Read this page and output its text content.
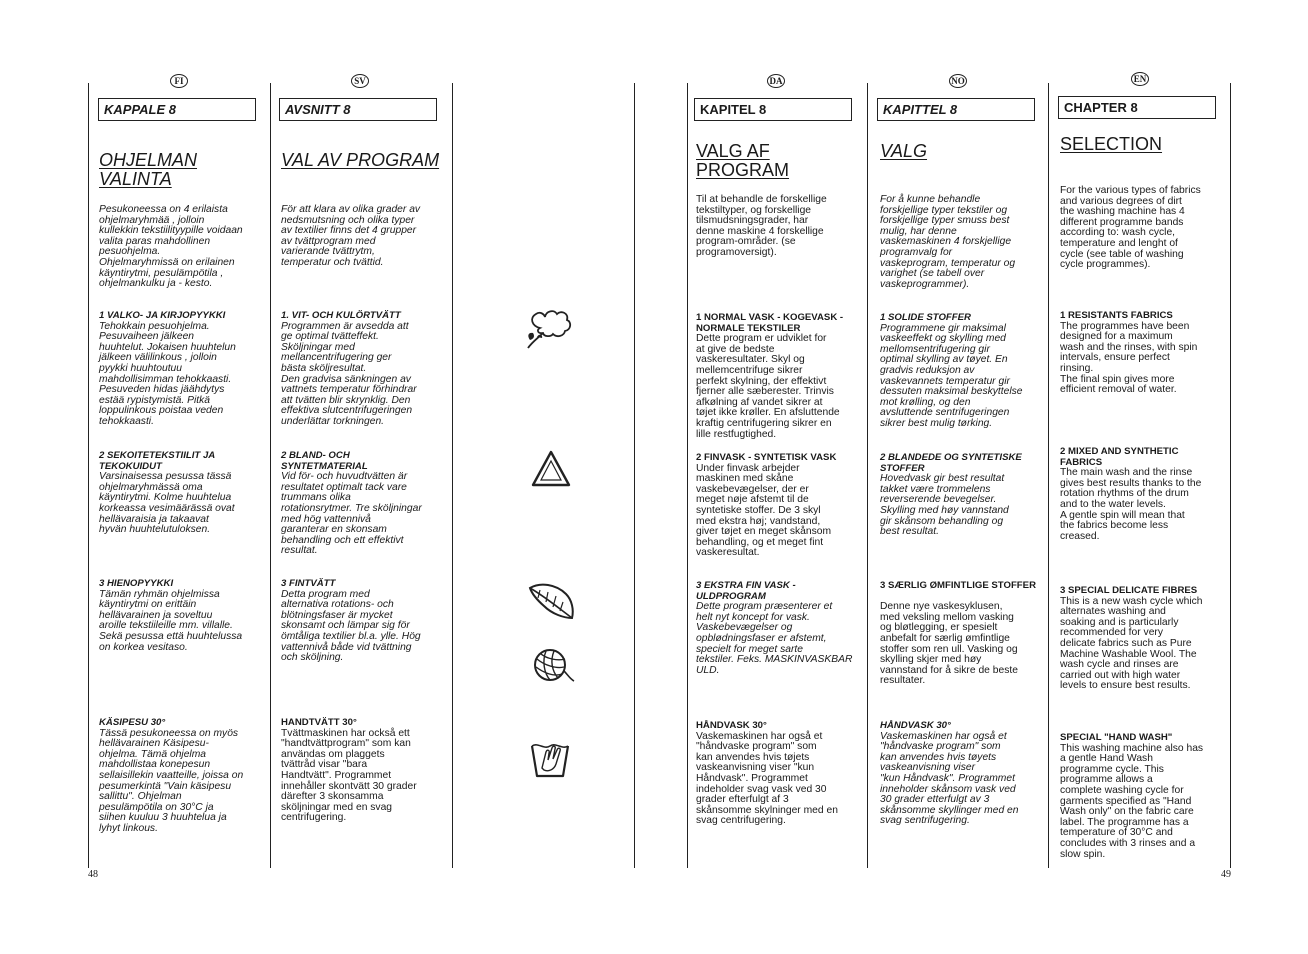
FI	SV	DA	NO	EN
KAPPALE 8
OHJELMAN
VALINTA
Pesukoneessa on 4 erilaista
ohjelmaryhmää , jolloin
kullekkin tekstiilityypille voidaan
valita paras mahdollinen
pesuohjelma.
Ohjelmaryhmissä on erilainen
käyntirytmi, pesulämpötila ,
ohjelmankulku ja - kesto.
1 VALKO- JA KIRJOPYYKKI
Tehokkain pesuohjelma.
Pesuvaiheen jälkeen
huuhtelut. Jokaisen huuhtelun
jälkeen välilinkous , jolloin
pyykki huuhtoutuu
mahdollisimman tehokkaasti.
Pesuveden hidas jäähdytys
estää rypistymistä. Pitkä
loppulinkous poistaa veden
tehokkaasti.
2 SEKOITETEKSTIILIT JA
TEKOKUIDUT
Varsinaisessa pesussa tässä
ohjelmaryhmässä oma
käyntirytmi. Kolme huuhtelua
korkeassa vesimäärässä ovat
hellävaraisia ja takaavat
hyvän huuhtelutuloksen.
3 HIENOPYYKKI
Tämän ryhmän ohjelmissa
käyntirytmi on erittäin
hellävarainen ja soveltuu
aroille tekstiileille mm. villalle.
Sekä pesussa että huuhtelussa
on korkea vesitaso.
KÄSIPESU 30°
Tässä pesukoneessa on myös
hellävarainen Käsipesu-
ohjelma. Tämä ohjelma
mahdollistaa konepesun
sellaisillekin vaatteille, joissa on
pesumerkintä "Vain käsipesu
sallittu". Ohjelman
pesulämpötila on 30°C ja
siihen kuuluu 3 huuhtelua ja
lyhyt linkous.
AVSNITT 8
VAL AV PROGRAM
För att klara av olika grader av
nedsmutsning och olika typer
av textilier finns det 4 grupper
av tvättprogram med
varierande tvättrytm,
temperatur och tvättid.
1. VIT- OCH KULÖRTVÄTT
Programmen är avsedda att
ge optimal tvätteffekt.
Sköljningar med
mellancentrifugering ger
bästa sköljresultat.
Den gradvisa sänkningen av
vattnets temperatur förhindrar
att tvätten blir skrynklig. Den
effektiva slutcentrifugeringen
underlättar torkningen.
2 BLAND- OCH
SYNTETMATERIAL
Vid för- och huvudtvätten är
resultatet optimalt tack vare
trummans olika
rotationsrytmer. Tre sköljningar
med hög vattennivå
garanterar en skonsam
behandling och ett effektivt
resultat.
3 FINTVÄTT
Detta program med
alternativa rotations- och
blötningsfaser är mycket
skonsamt och lämpar sig för
ömtåliga textilier bl.a. ylle. Hög
vattennivå både vid tvättning
och sköljning.
HANDTVÄTT 30°
Tvättmaskinen har också ett
"handtvättprogram" som kan
användas om plaggets
tvättråd visar "bara
Handtvätt". Programmet
innehåller skontvätt 30 grader
därefter 3 skonsamma
sköljningar med en svag
centrifugering.
KAPITEL 8
VALG AF
PROGRAM
Til at behandle de forskellige
tekstiltyper, og forskellige
tilsmudsningsgrader, har
denne maskine 4 forskellige
program-områder. (se
programoversigt).
1 NORMAL VASK - KOGEVASK -
NORMALE TEKSTILER
Dette program er udviklet for
at give de bedste
vaskeresultater. Skyl og
mellemcentrifuge sikrer
perfekt skylning, der effektivt
fjerner alle sæberester. Trinvis
afkølning af vandet sikrer at
tøjet ikke krøller. En afsluttende
kraftig centrifugering sikrer en
lille restfugtighed.
2 FINVASK - SYNTETISK VASK
Under finvask arbejder
maskinen med skåne
vaskebevægelser, der er
meget nøje afstemt til de
syntetiske stoffer. De 3 skyl
med ekstra høj; vandstand,
giver tøjet en meget skånsom
behandling, og et meget fint
vaskeresultat.
3 EKSTRA FIN VASK -
ULDPROGRAM
Dette program præsenterer et
helt nyt koncept for vask.
Vaskebevægelser og
opblødningsfaser er afstemt,
specielt for meget sarte
tekstiler. Feks. MASKINVASKBAR
ULD.
HÅNDVASK 30°
Vaskemaskinen har også et
"håndvaske program" som
kan anvendes hvis tøjets
vaskeanvisning viser "kun
Håndvask". Programmet
indeholder svag vask ved 30
grader efterfulgt af 3
skånsomme skylninger med en
svag centrifugering.
KAPITTEL 8
VALG
For å kunne behandle
forskjellige typer tekstiler og
forskjellige typer smuss best
mulig, har denne
vaskemaskinen 4 forskjellige
programvalg for
vaskeprogram, temperatur og
varighet (se tabell over
vaskeprogrammer).
1 SOLIDE STOFFER
Programmene gir maksimal
vaskeeffekt og skylling med
mellomsentrifugering gir
optimal skylling av tøyet. En
gradvis reduksjon av
vaskevannets temperatur gir
dessuten maksimal beskyttelse
mot krølling, og den
avsluttende sentrifugeringen
sikrer best mulig tørking.
2 BLANDEDE OG SYNTETISKE
STOFFER
Hovedvask gir best resultat
takket være trommelens
reverserende bevegelser.
Skylling med høy vannstand
gir skånsom behandling og
best resultat.
3 SÆRLIG ØMFINTLIGE STOFFER

Denne nye vaskesyklusen,
med veksling mellom vasking
og bløtlegging, er spesielt
anbefalt for særlig ømfintlige
stoffer som ren ull. Vasking og
skylling skjer med høy
vannstand for å sikre de beste
resultater.
HÅNDVASK 30°
Vaskemaskinen har også et
"håndvaske program" som
kan anvendes hvis tøyets
vaskeanvisning viser
"kun Håndvask". Programmet
inneholder skånsom vask ved
30 grader etterfulgt av 3
skånsomme skyllinger med en
svag sentrifugering.
CHAPTER 8
SELECTION
For the various types of fabrics
and various degrees of dirt
the washing machine has 4
different programme bands
according to: wash cycle,
temperature and lenght of
cycle (see table of washing
cycle programmes).
1 RESISTANTS FABRICS
The programmes have been
designed for a maximum
wash and the rinses, with spin
intervals, ensure perfect
rinsing.
The final spin gives more
efficient removal of water.
2 MIXED AND SYNTHETIC
FABRICS
The main wash and the rinse
gives best results thanks to the
rotation rhythms of the drum
and to the water levels.
A gentle spin will mean that
the fabrics become less
creased.
3 SPECIAL DELICATE FIBRES
This is a new wash cycle which
alternates washing and
soaking and is particularly
recommended for very
delicate fabrics such as Pure
Machine Washable Wool. The
wash cycle and rinses are
carried out with high water
levels to ensure best results.
SPECIAL "HAND WASH"
This washing machine also has
a gentle Hand Wash
programme cycle. This
programme allows a
complete washing cycle for
garments specified as "Hand
Wash only" on the fabric care
label. The programme has a
temperature of 30°C and
concludes with 3 rinses and a
slow spin.
48	49
